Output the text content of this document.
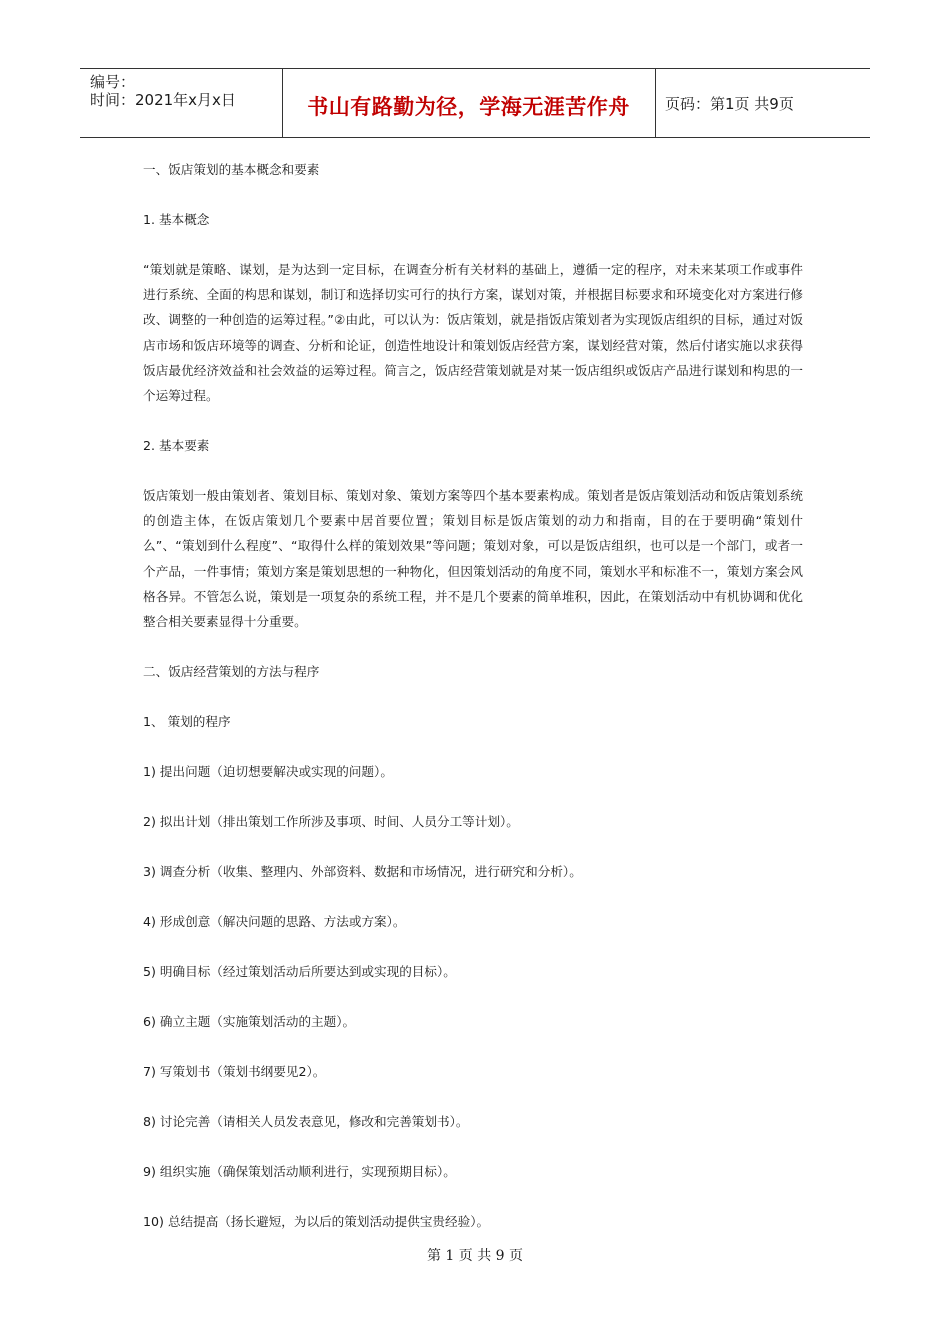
编号：
时间：2021年x月x日	书山有路勤为径，学海无涯苦作舟	页码：第1页 共9页

一、饭店策划的基本概念和要素

1. 基本概念

“策划就是策略、谋划，是为达到一定目标，在调查分析有关材料的基础上，遵循一定的程序，对未来某项工作或事件进行系统、全面的构思和谋划，制订和选择切实可行的执行方案，谋划对策，并根据目标要求和环境变化对方案进行修改、调整的一种创造的运筹过程。”②由此，可以认为：饭店策划，就是指饭店策划者为实现饭店组织的目标，通过对饭店市场和饭店环境等的调查、分析和论证，创造性地设计和策划饭店经营方案，谋划经营对策，然后付诸实施以求获得饭店最优经济效益和社会效益的运筹过程。简言之，饭店经营策划就是对某一饭店组织或饭店产品进行谋划和构思的一个运筹过程。

2. 基本要素

饭店策划一般由策划者、策划目标、策划对象、策划方案等四个基本要素构成。策划者是饭店策划活动和饭店策划系统的创造主体，在饭店策划几个要素中居首要位置；策划目标是饭店策划的动力和指南，目的在于要明确“策划什么”、“策划到什么程度”、“取得什么样的策划效果”等问题；策划对象，可以是饭店组织，也可以是一个部门，或者一个产品，一件事情；策划方案是策划思想的一种物化，但因策划活动的角度不同，策划水平和标准不一，策划方案会风格各异。不管怎么说，策划是一项复杂的系统工程，并不是几个要素的简单堆积，因此，在策划活动中有机协调和优化整合相关要素显得十分重要。

二、饭店经营策划的方法与程序

1、 策划的程序

1) 提出问题（迫切想要解决或实现的问题）。

2) 拟出计划（排出策划工作所涉及事项、时间、人员分工等计划）。

3) 调查分析（收集、整理内、外部资料、数据和市场情况，进行研究和分析）。

4) 形成创意（解决问题的思路、方法或方案）。

5) 明确目标（经过策划活动后所要达到或实现的目标）。

6) 确立主题（实施策划活动的主题）。

7) 写策划书（策划书纲要见2）。

8) 讨论完善（请相关人员发表意见，修改和完善策划书）。

9) 组织实施（确保策划活动顺利进行，实现预期目标）。

10) 总结提高（扬长避短，为以后的策划活动提供宝贵经验）。

第 1 页 共 9 页
